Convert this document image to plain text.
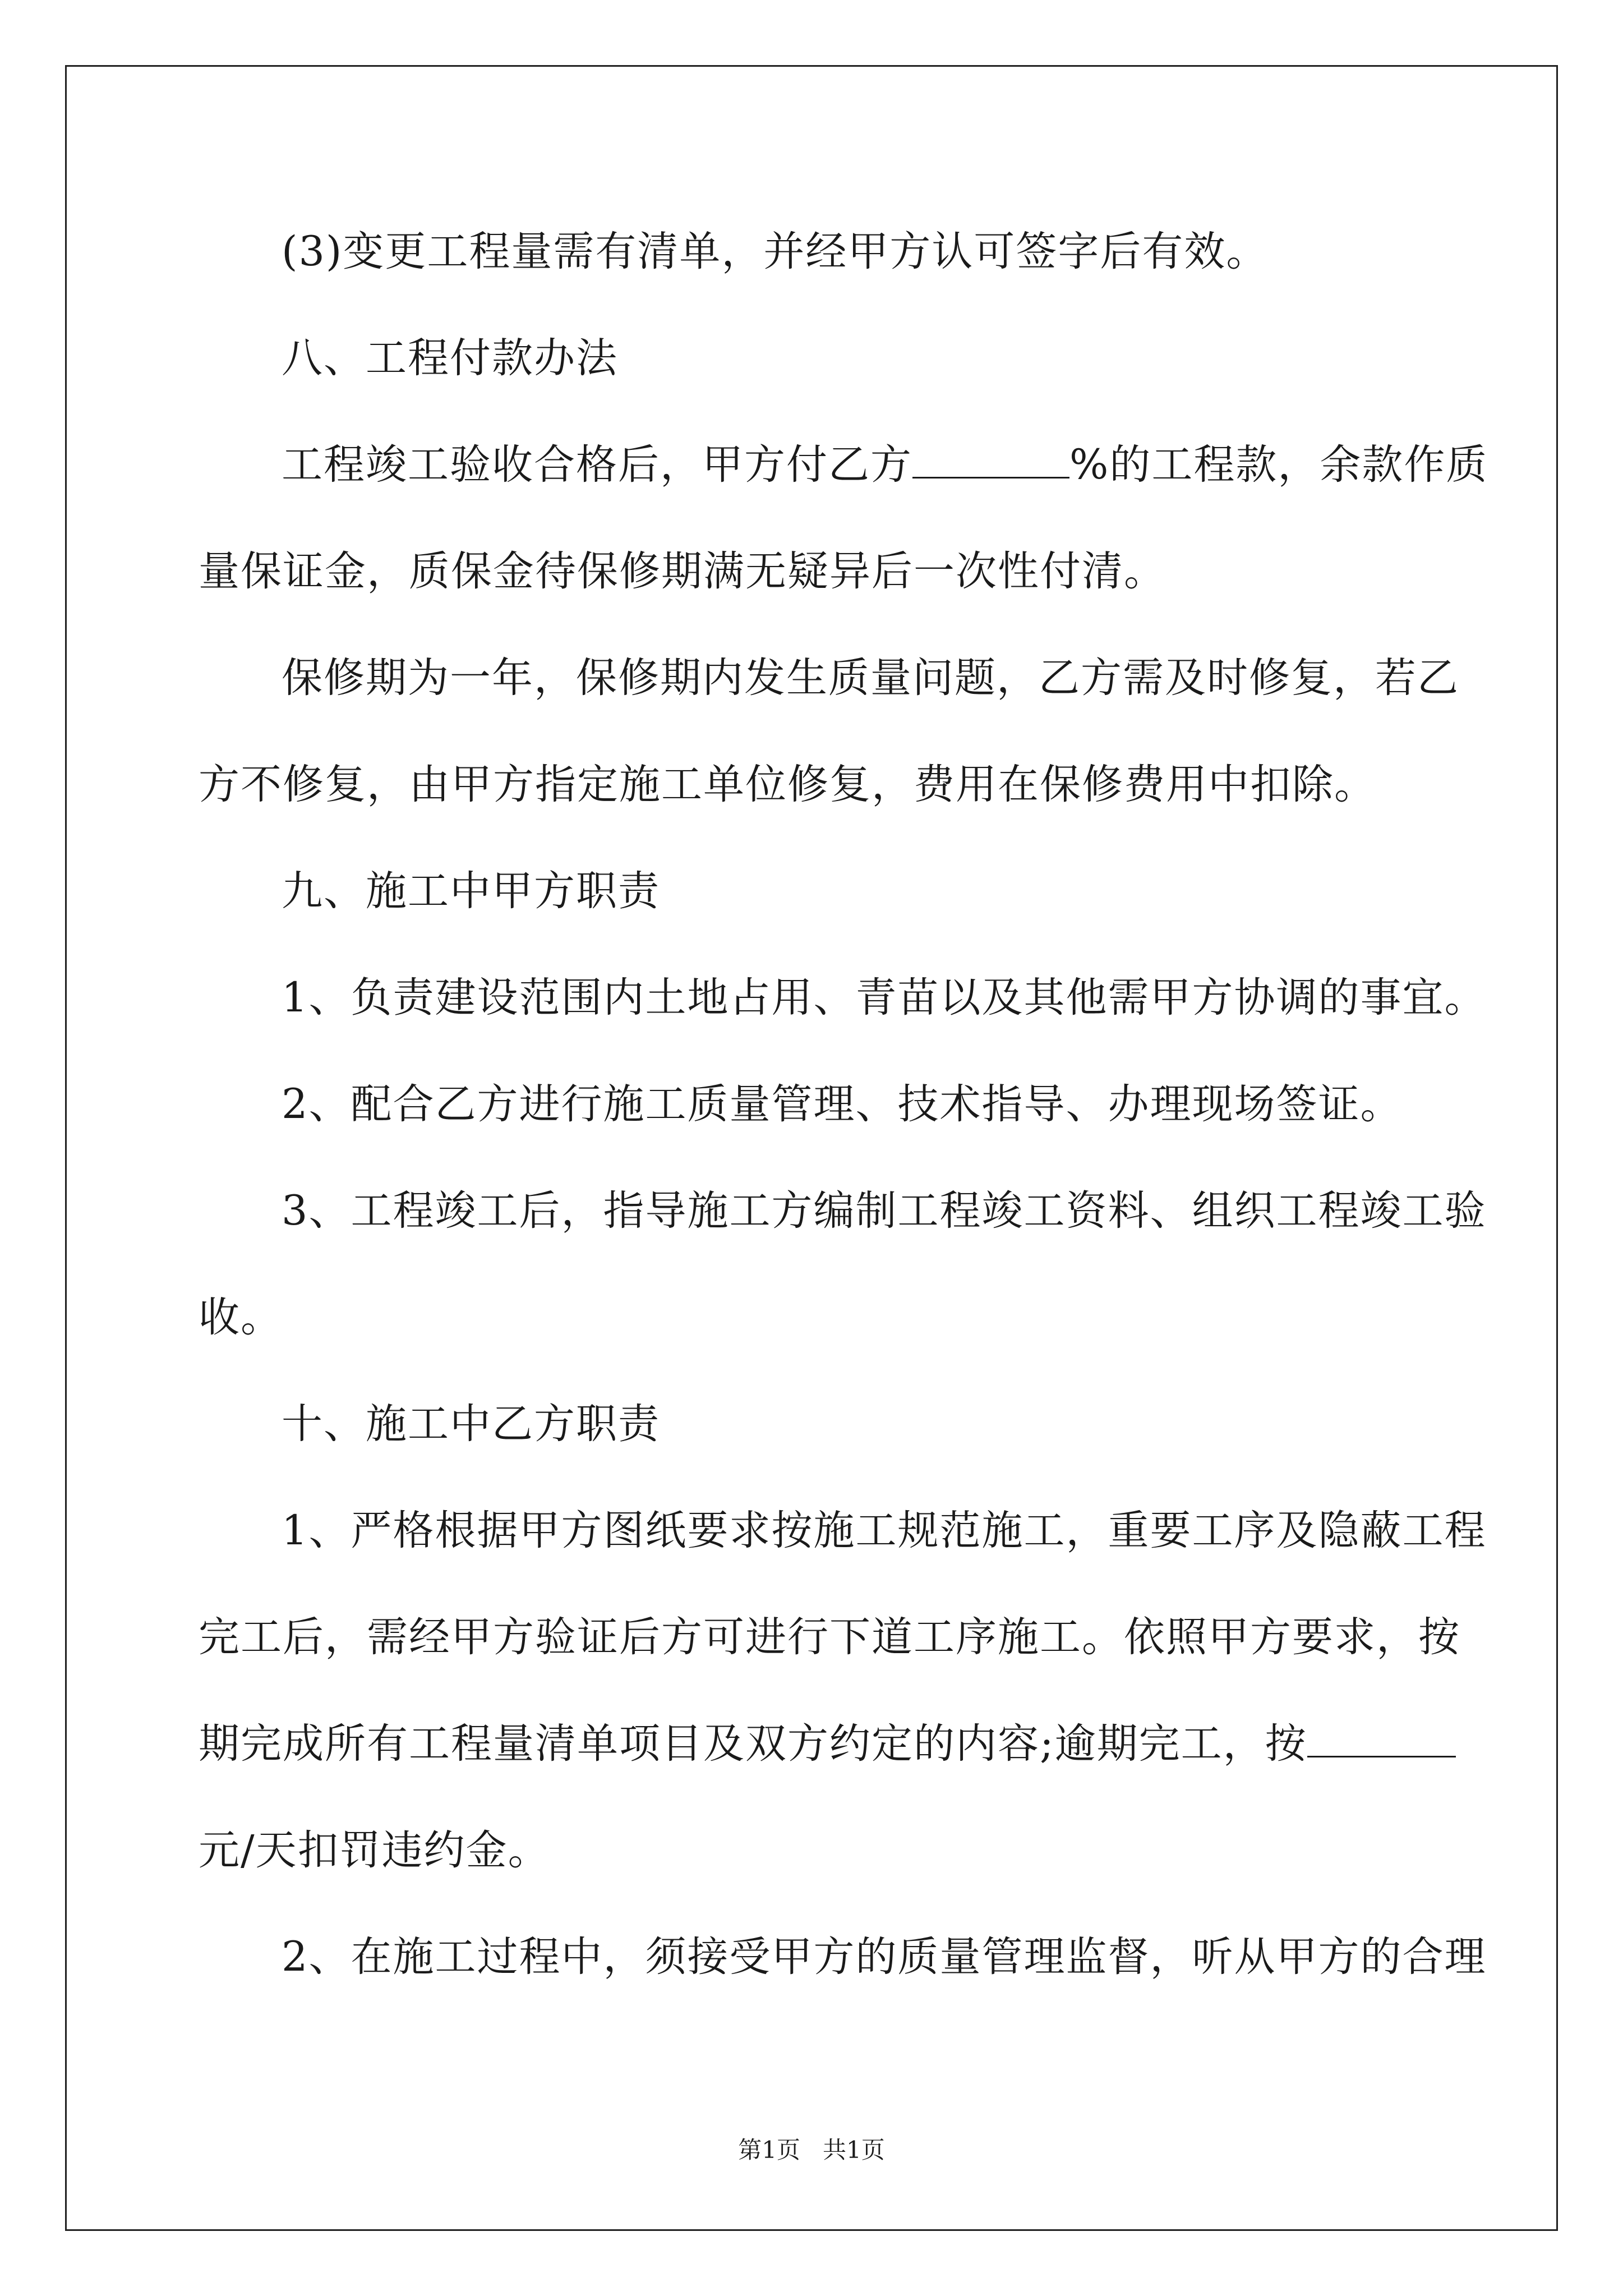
(3)变更工程量需有清单，并经甲方认可签字后有效。
八、工程付款办法
工程竣工验收合格后，甲方付乙方	%的工程款，余款作质
量保证金，质保金待保修期满无疑异后一次性付清。
保修期为一年，保修期内发生质量问题，乙方需及时修复，若乙
方不修复，由甲方指定施工单位修复，费用在保修费用中扣除。
九、施工中甲方职责
1、负责建设范围内土地占用、青苗以及其他需甲方协调的事宜。
2、配合乙方进行施工质量管理、技术指导、办理现场签证。
3、工程竣工后，指导施工方编制工程竣工资料、组织工程竣工验
收。
十、施工中乙方职责
1、严格根据甲方图纸要求按施工规范施工，重要工序及隐蔽工程
完工后，需经甲方验证后方可进行下道工序施工。依照甲方要求，按
期完成所有工程量清单项目及双方约定的内容;逾期完工，按
元/天扣罚违约金。
2、在施工过程中，须接受甲方的质量管理监督，听从甲方的合理
第1页   共1页
